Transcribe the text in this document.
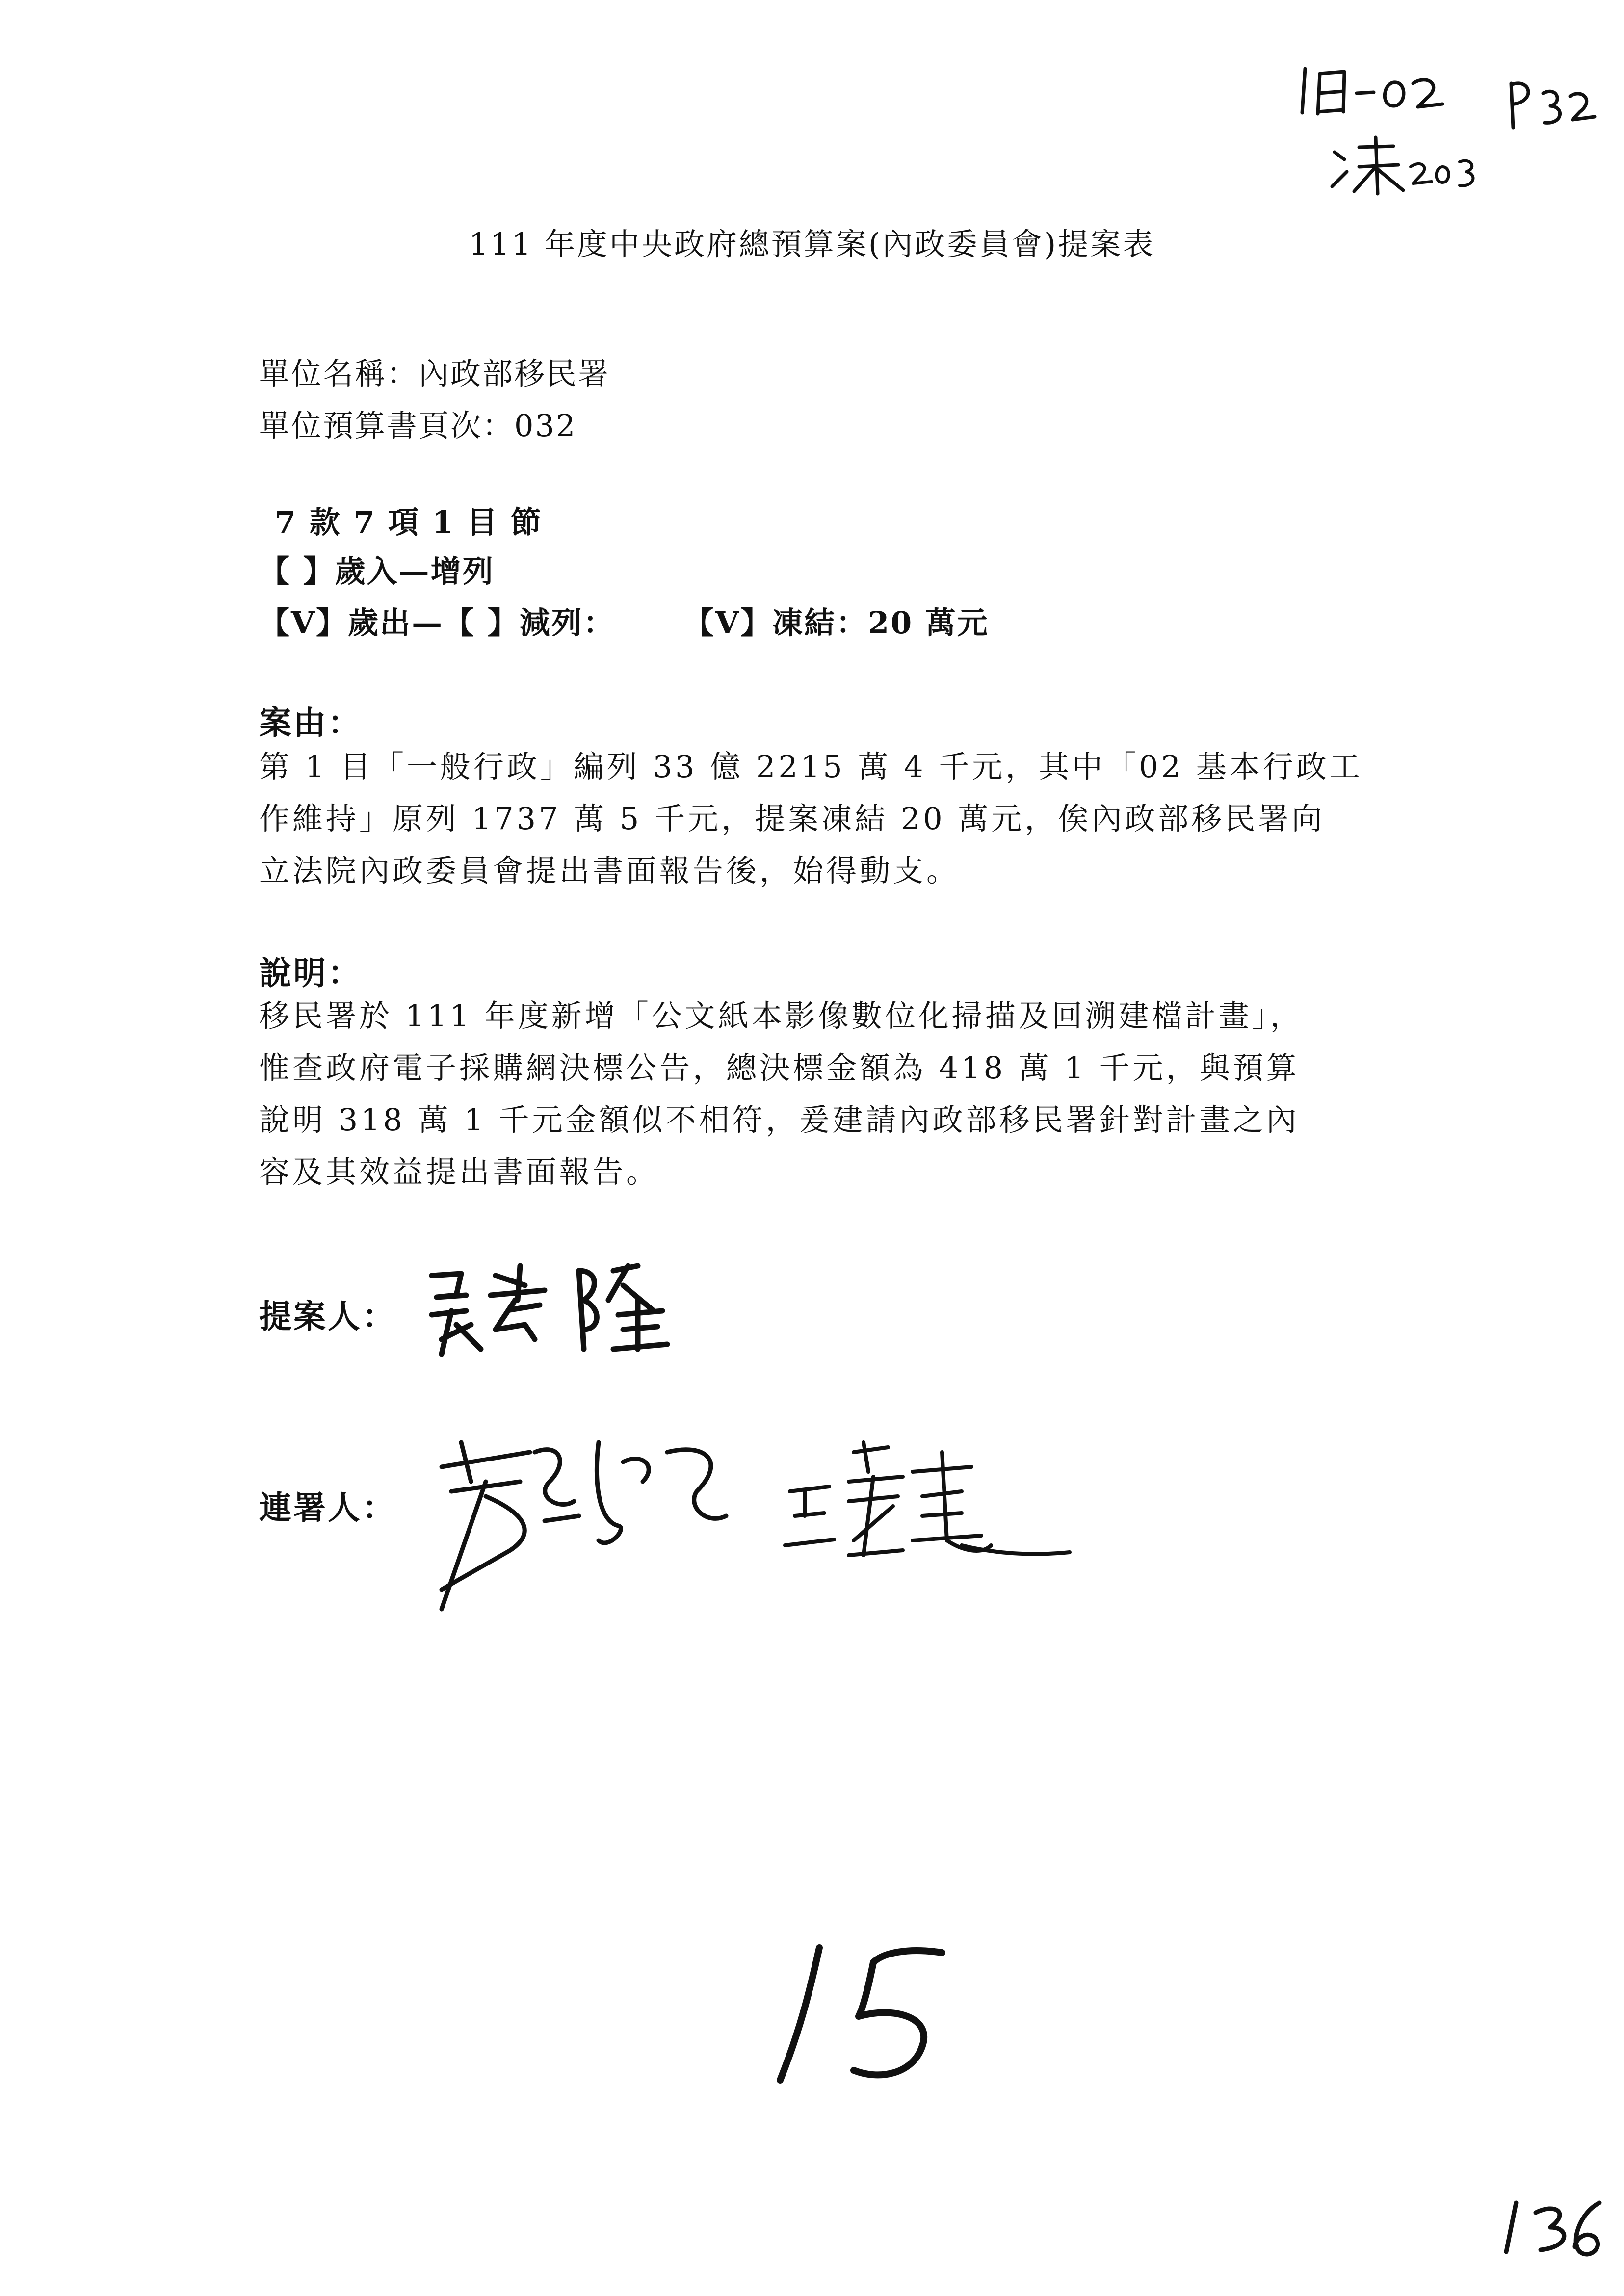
111 年度中央政府總預算案(內政委員會)提案表
單位名稱：內政部移民署
單位預算書頁次：032
7 款 7 項 1 目 節
【 】歲入—增列
【V】歲出—【 】減列： 【V】凍結：20 萬元
案由：

第 1 目「一般行政」編列 33 億 2215 萬 4 千元，其中「02 基本行政工

作維持」原列 1737 萬 5 千元，提案凍結 20 萬元，俟內政部移民署向

立法院內政委員會提出書面報告後，始得動支。

說明：

移民署於 111 年度新增「公文紙本影像數位化掃描及回溯建檔計畫」，

惟查政府電子採購網決標公告，總決標金額為 418 萬 1 千元，與預算

說明 318 萬 1 千元金額似不相符，爰建請內政部移民署針對計畫之內

容及其效益提出書面報告。

提案人：
連署人：
